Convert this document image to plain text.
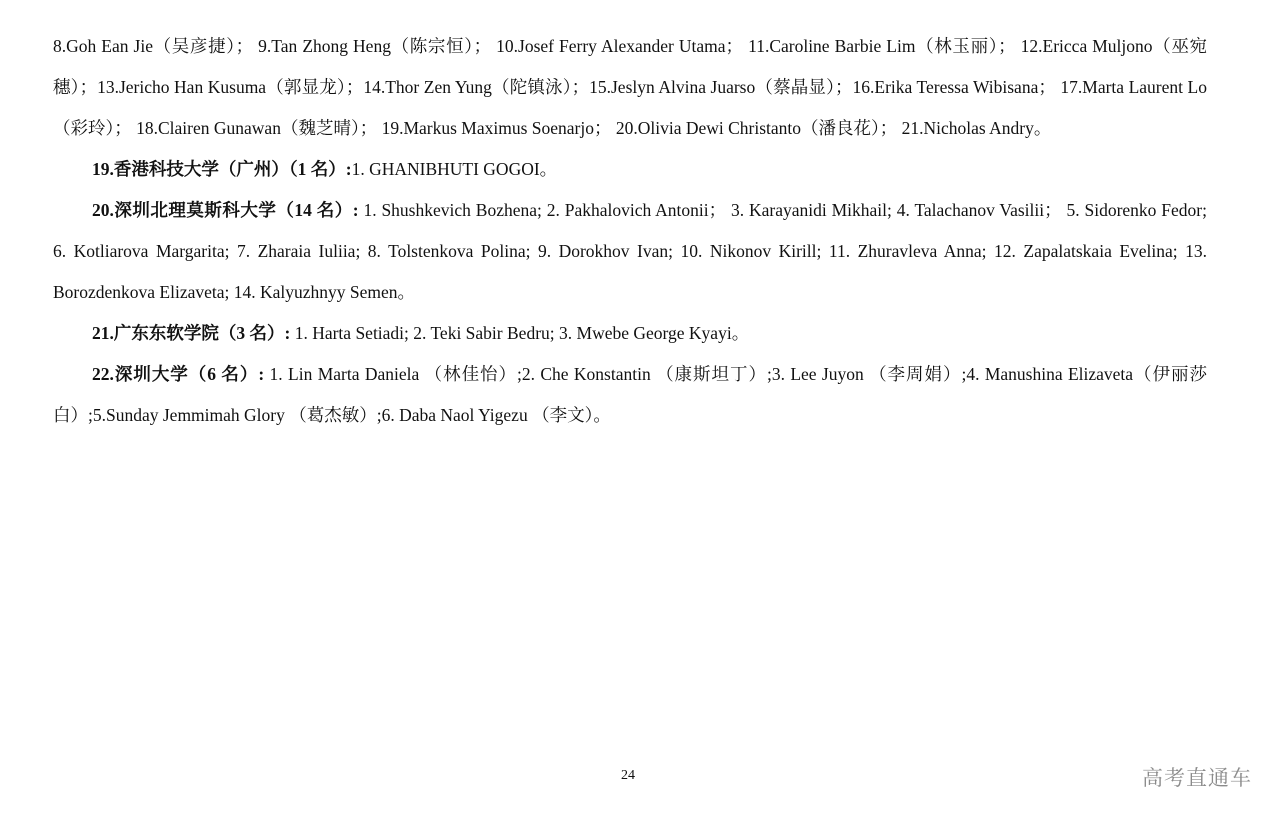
8.Goh Ean Jie（吴彦捷）； 9.Tan Zhong Heng（陈宗恒）； 10.Josef Ferry Alexander Utama； 11.Caroline Barbie Lim（林玉丽）； 12.Ericca Muljono（巫宛穗）；13.Jericho Han Kusuma（郭显龙）；14.Thor Zen Yung（陀镇泳）；15.Jeslyn Alvina Juarso（蔡晶显）；16.Erika Teressa Wibisana； 17.Marta Laurent Lo（彩玲）； 18.Clairen Gunawan（魏芝晴）； 19.Markus Maximus Soenarjo； 20.Olivia Dewi Christanto（潘良花）； 21.Nicholas Andry。

19.香港科技大学（广州）（1 名）:1. GHANIBHUTI GOGOI。

20.深圳北理莫斯科大学（14 名）: 1. Shushkevich Bozhena; 2. Pakhalovich Antonii； 3. Karayanidi Mikhail; 4. Talachanov Vasilii； 5. Sidorenko Fedor; 6. Kotliarova Margarita; 7. Zharaia Iuliia; 8. Tolstenkova Polina; 9. Dorokhov Ivan; 10. Nikonov Kirill; 11. Zhuravleva Anna; 12. Zapalatskaia Evelina; 13. Borozdenkova Elizaveta; 14. Kalyuzhnyy Semen。

21.广东东软学院（3 名）: 1. Harta Setiadi; 2. Teki Sabir Bedru; 3. Mwebe George Kyayi。

22.深圳大学（6 名）: 1. Lin Marta Daniela （林佳怡）;2. Che Konstantin （康斯坦丁）;3. Lee Juyon （李周娟）;4. Manushina Elizaveta（伊丽莎白）;5.Sunday Jemmimah Glory （葛杰敏）;6. Daba Naol Yigezu （李文）。

24	高考直通车
